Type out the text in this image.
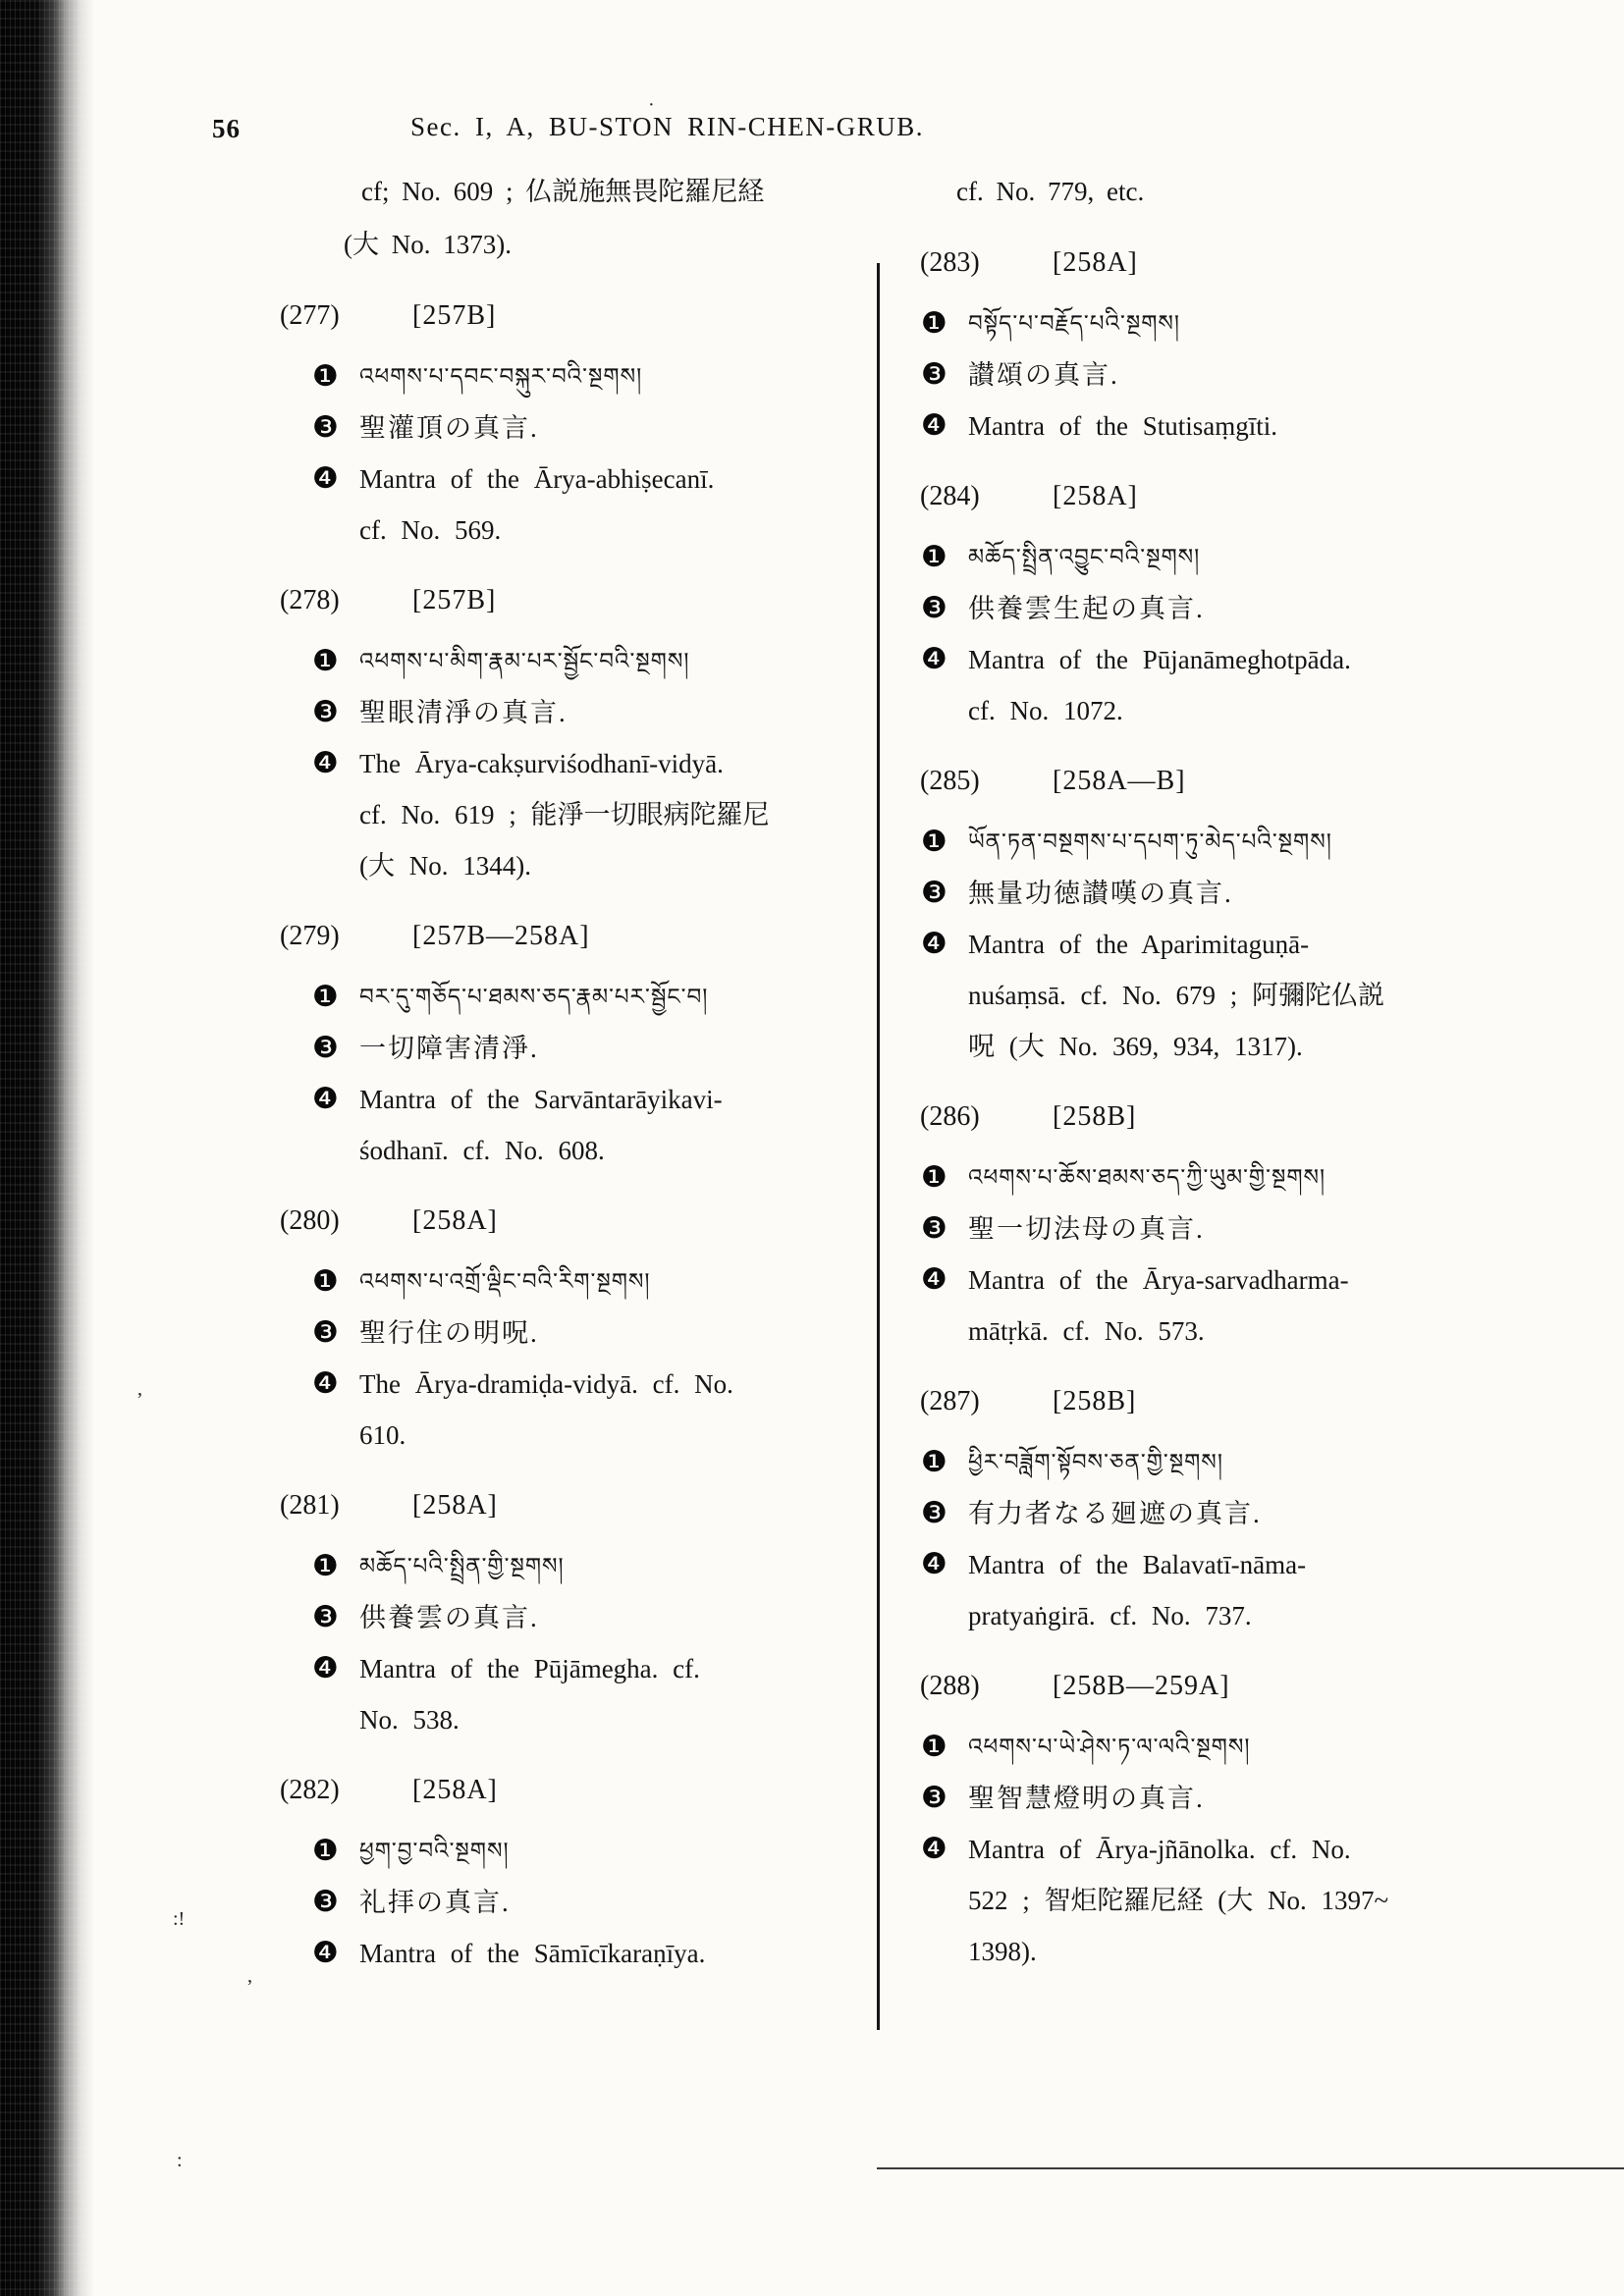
56	Sec. I, A, BU-STON RIN-CHEN-GRUB.
cf; No. 609 ; 仏説施無畏陀羅尼経
(大 No. 1373).
(277)	[257B]
❶ འཕགས་པ་དབང་བསྐུར་བའི་སྔགས།
❸ 聖灌頂の真言.
❹ Mantra of the Ārya-abhiṣecanī.
cf. No. 569.
(278)	[257B]
❶ འཕགས་པ་མིག་རྣམ་པར་སྦྱོང་བའི་སྔགས།
❸ 聖眼清淨の真言.
❹ The Ārya-cakṣurviśodhanī-vidyā.
cf. No. 619 ; 能淨一切眼病陀羅尼
(大 No. 1344).
(279)	[257B—258A]
❶ བར་དུ་གཅོད་པ་ཐམས་ཅད་རྣམ་པར་སྦྱོང་བ།
❸ 一切障害清淨.
❹ Mantra of the Sarvāntarāyikavi-
śodhanī. cf. No. 608.
(280)	[258A]
❶ འཕགས་པ་འགྲོ་ལྡིང་བའི་རིག་སྔགས།
❸ 聖行住の明呪.
❹ The Ārya-dramiḍa-vidyā. cf. No.
610.
(281)	[258A]
❶ མཆོད་པའི་སྤྲིན་གྱི་སྔགས།
❸ 供養雲の真言.
❹ Mantra of the Pūjāmegha. cf.
No. 538.
(282)	[258A]
❶ ཕྱག་བྱ་བའི་སྔགས།
❸ 礼拝の真言.
❹ Mantra of the Sāmīcīkaraṇīya.
cf. No. 779, etc.
(283)	[258A]
❶ བསྟོད་པ་བརྗོད་པའི་སྔགས།
❸ 讃頌の真言.
❹ Mantra of the Stutisaṃgīti.
(284)	[258A]
❶ མཆོད་སྤྲིན་འབྱུང་བའི་སྔགས།
❸ 供養雲生起の真言.
❹ Mantra of the Pūjanāmeghotpāda.
cf. No. 1072.
(285)	[258A—B]
❶ ཡོན་ཏན་བསྔགས་པ་དཔག་ཏུ་མེད་པའི་སྔགས།
❸ 無量功徳讃嘆の真言.
❹ Mantra of the Aparimitaguṇā-
nuśaṃsā. cf. No. 679 ; 阿彌陀仏説
呪 (大 No. 369, 934, 1317).
(286)	[258B]
❶ འཕགས་པ་ཆོས་ཐམས་ཅད་ཀྱི་ཡུམ་གྱི་སྔགས།
❸ 聖一切法母の真言.
❹ Mantra of the Ārya-sarvadharma-
mātṛkā. cf. No. 573.
(287)	[258B]
❶ ཕྱིར་བཟློག་སྟོབས་ཅན་གྱི་སྔགས།
❸ 有力者なる廻遮の真言.
❹ Mantra of the Balavatī-nāma-
pratyaṅgirā. cf. No. 737.
(288)	[258B—259A]
❶ འཕགས་པ་ཡེ་ཤེས་ཏ་ལ་ལའི་སྔགས།
❸ 聖智慧燈明の真言.
❹ Mantra of Ārya-jñānolka. cf. No.
522 ; 智炬陀羅尼経 (大 No. 1397~
1398).
,
:!
,
:
·
